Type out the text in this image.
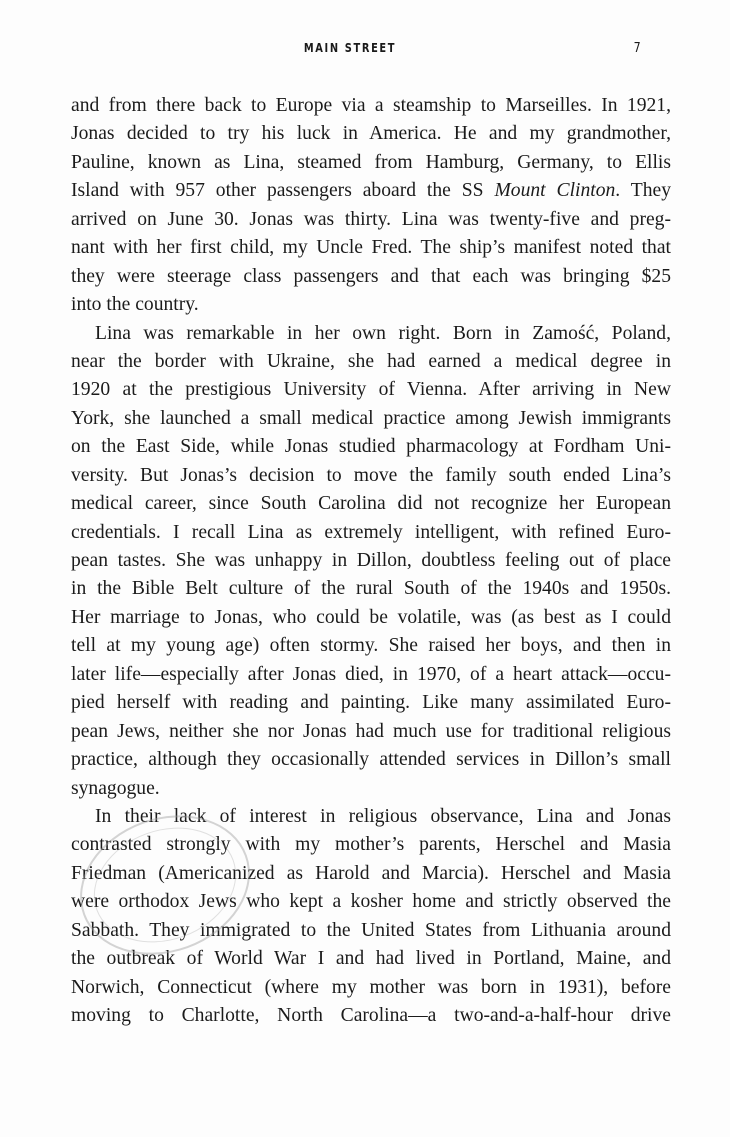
MAIN STREET	7
and from there back to Europe via a steamship to Marseilles. In 1921,
Jonas decided to try his luck in America. He and my grandmother,
Pauline, known as Lina, steamed from Hamburg, Germany, to Ellis
Island with 957 other passengers aboard the SS Mount Clinton. They
arrived on June 30. Jonas was thirty. Lina was twenty-five and preg-
nant with her first child, my Uncle Fred. The ship’s manifest noted that
they were steerage class passengers and that each was bringing $25
into the country.
Lina was remarkable in her own right. Born in Zamość, Poland,
near the border with Ukraine, she had earned a medical degree in
1920 at the prestigious University of Vienna. After arriving in New
York, she launched a small medical practice among Jewish immigrants
on the East Side, while Jonas studied pharmacology at Fordham Uni-
versity. But Jonas’s decision to move the family south ended Lina’s
medical career, since South Carolina did not recognize her European
credentials. I recall Lina as extremely intelligent, with refined Euro-
pean tastes. She was unhappy in Dillon, doubtless feeling out of place
in the Bible Belt culture of the rural South of the 1940s and 1950s.
Her marriage to Jonas, who could be volatile, was (as best as I could
tell at my young age) often stormy. She raised her boys, and then in
later life—especially after Jonas died, in 1970, of a heart attack—occu-
pied herself with reading and painting. Like many assimilated Euro-
pean Jews, neither she nor Jonas had much use for traditional religious
practice, although they occasionally attended services in Dillon’s small
synagogue.
In their lack of interest in religious observance, Lina and Jonas
contrasted strongly with my mother’s parents, Herschel and Masia
Friedman (Americanized as Harold and Marcia). Herschel and Masia
were orthodox Jews who kept a kosher home and strictly observed the
Sabbath. They immigrated to the United States from Lithuania around
the outbreak of World War I and had lived in Portland, Maine, and
Norwich, Connecticut (where my mother was born in 1931), before
moving to Charlotte, North Carolina—a two-and-a-half-hour drive
